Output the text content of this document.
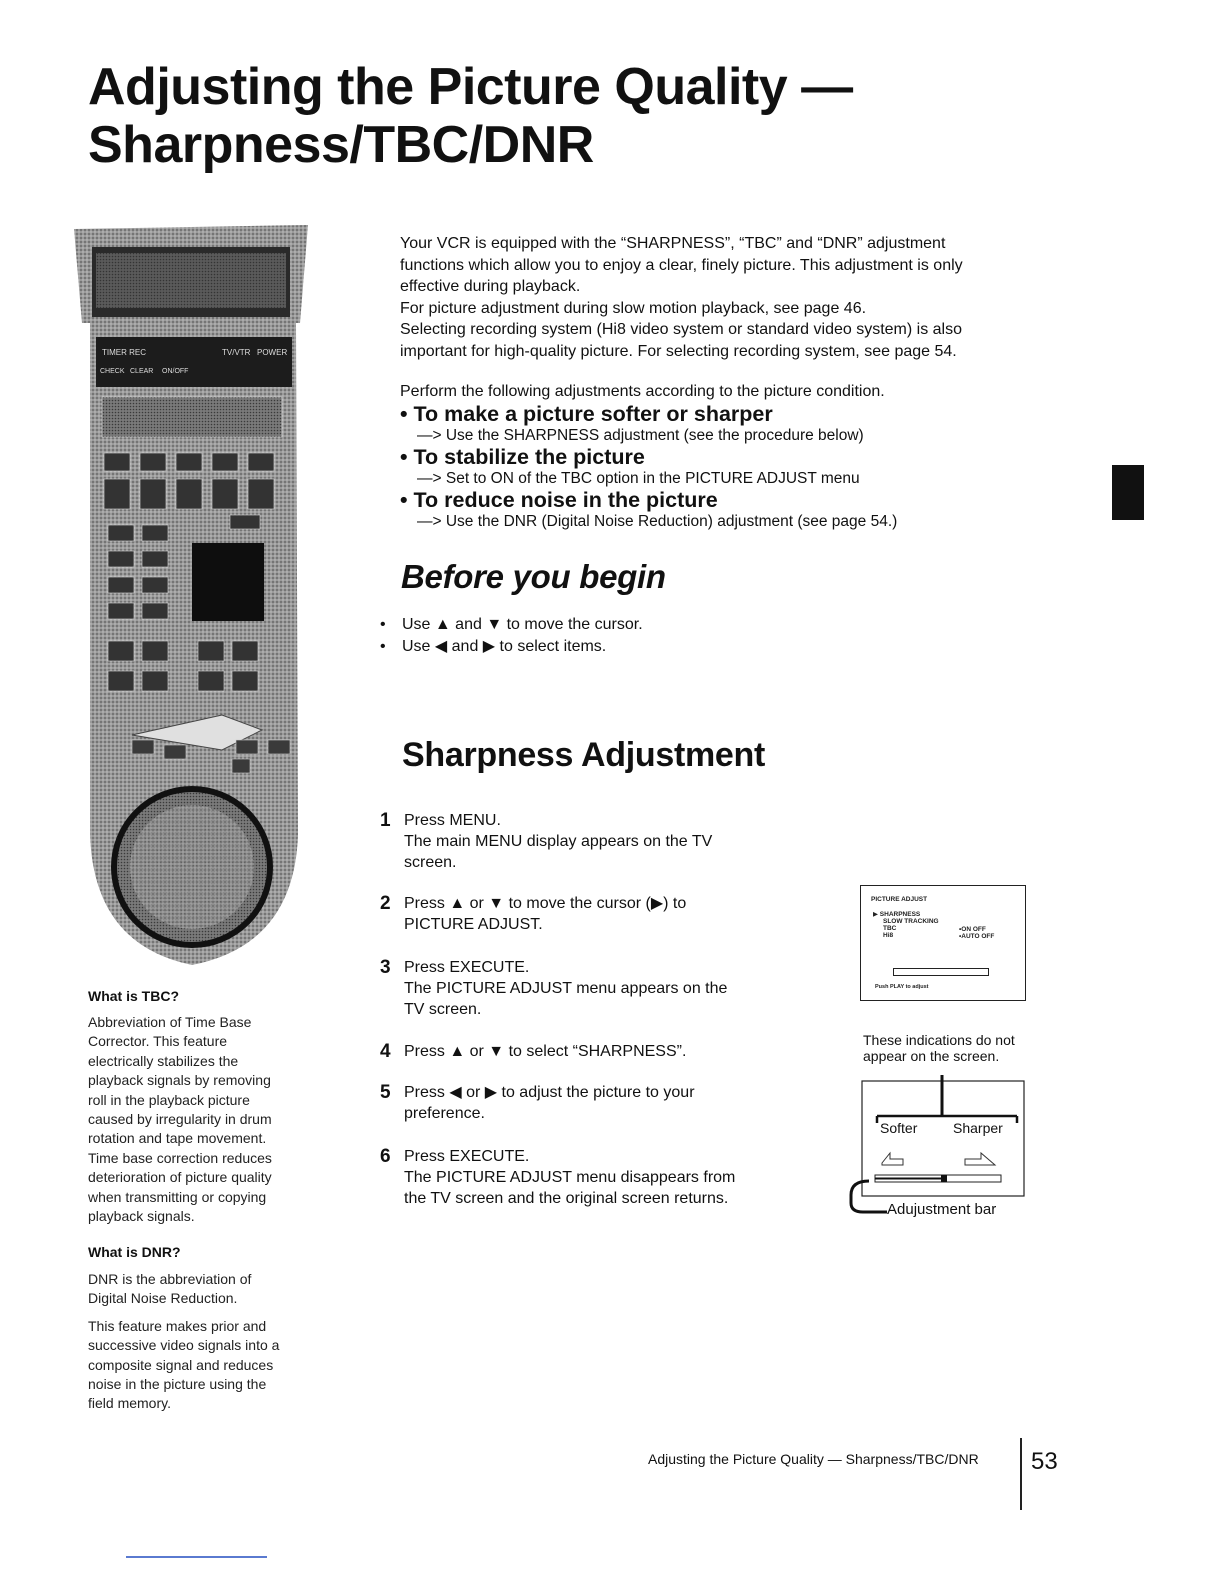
Adjusting the Picture Quality —
Sharpness/TBC/DNR
TIMER REC	TV/VTR POWER
CHECK CLEAR ON/OFF
What is TBC?

Abbreviation of Time Base

Corrector. This feature

electrically stabilizes the

playback signals by removing

roll in the playback picture

caused by irregularity in drum

rotation and tape movement.

Time base correction reduces

deterioration of picture quality

when transmitting or copying

playback signals.

What is DNR?

DNR is the abbreviation of

Digital Noise Reduction.

This feature makes prior and

successive video signals into a

composite signal and reduces

noise in the picture using the

field memory.

Your VCR is equipped with the “SHARPNESS”, “TBC” and “DNR” adjustment

functions which allow you to enjoy a clear, finely picture. This adjustment is only

effective during playback.

For picture adjustment during slow motion playback, see page 46.

Selecting recording system (Hi8 video system or standard video system) is also

important for high-quality picture. For selecting recording system, see page 54.

Perform the following adjustments according to the picture condition.
• To make a picture softer or sharper
—> Use the SHARPNESS adjustment (see the procedure below)
• To stabilize the picture
—> Set to ON of the TBC option in the PICTURE ADJUST menu
• To reduce noise in the picture
—> Use the DNR (Digital Noise Reduction) adjustment (see page 54.)
Before you begin
•	Use ▲ and ▼ to move the cursor.
•	Use ◀ and ▶ to select items.
Sharpness Adjustment
1 Press MENU.
The main MENU display appears on the TV
screen.
2 Press ▲ or ▼ to move the cursor (▶) to
PICTURE ADJUST.
3 Press EXECUTE.
The PICTURE ADJUST menu appears on the
TV screen.
4 Press ▲ or ▼ to select “SHARPNESS”.
5 Press ◀ or ▶ to adjust the picture to your
preference.
6 Press EXECUTE.
The PICTURE ADJUST menu disappears from
the TV screen and the original screen returns.
PICTURE ADJUST
▶ SHARPNESS
SLOW TRACKING
TBC
Hi8
•ON OFF
•AUTO OFF
Push PLAY to adjust
These indications do not
appear on the screen.
Softer	Sharper
Adujustment bar
Adjusting the Picture Quality — Sharpness/TBC/DNR 53
